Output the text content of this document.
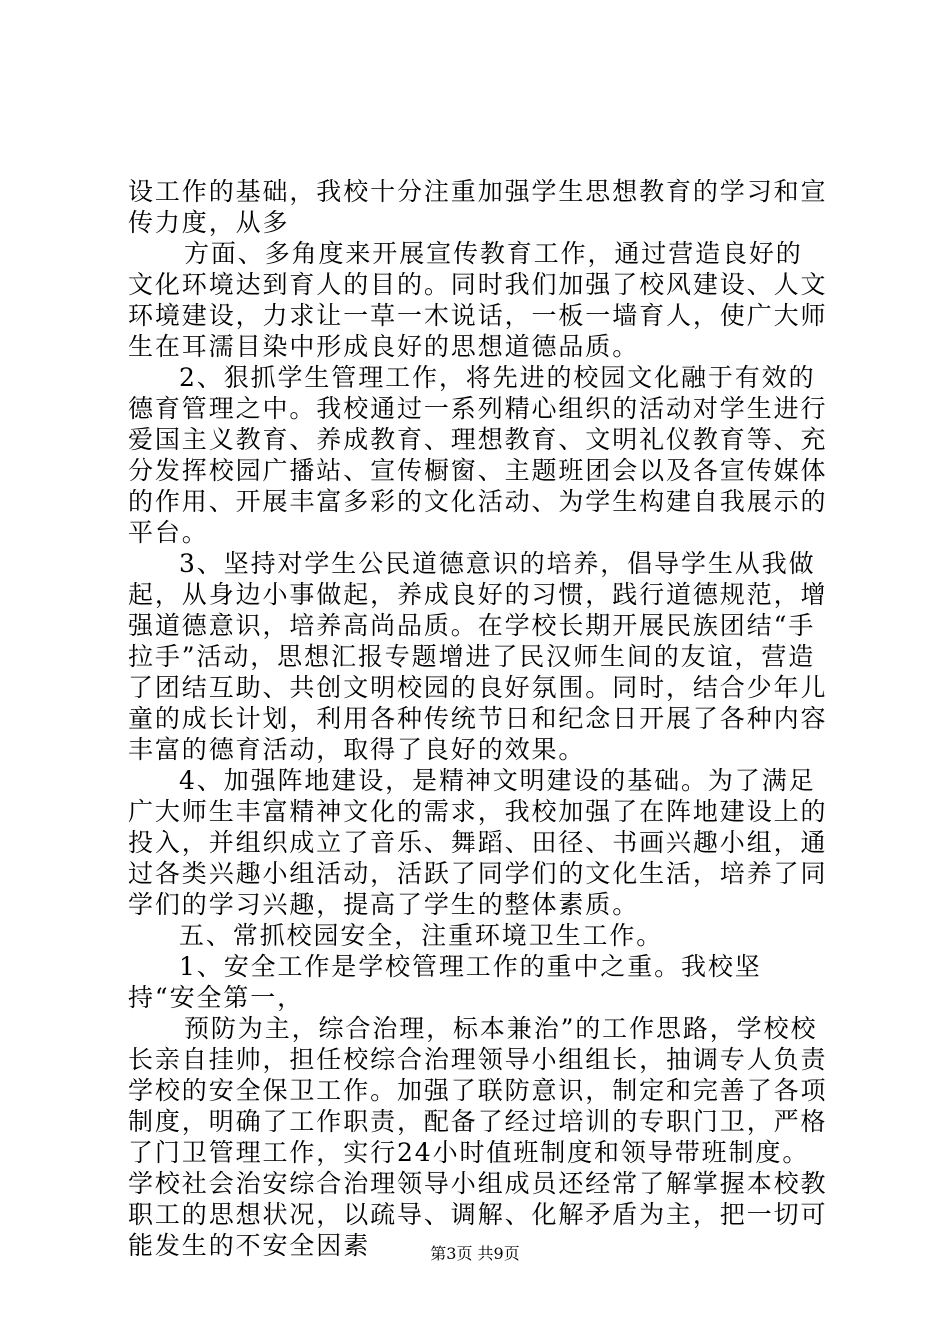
设工作的基础，我校十分注重加强学生思想教育的学习和宣传力度，从多

方面、多角度来开展宣传教育工作，通过营造良好的文化环境达到育人的目的。同时我们加强了校风建设、人文环境建设，力求让一草一木说话，一板一墙育人，使广大师生在耳濡目染中形成良好的思想道德品质。

2、狠抓学生管理工作，将先进的校园文化融于有效的德育管理之中。我校通过一系列精心组织的活动对学生进行爱国主义教育、养成教育、理想教育、文明礼仪教育等、充分发挥校园广播站、宣传橱窗、主题班团会以及各宣传媒体的作用、开展丰富多彩的文化活动、为学生构建自我展示的平台。

3、坚持对学生公民道德意识的培养，倡导学生从我做起，从身边小事做起，养成良好的习惯，践行道德规范，增强道德意识，培养高尚品质。在学校长期开展民族团结“手拉手”活动，思想汇报专题增进了民汉师生间的友谊，营造了团结互助、共创文明校园的良好氛围。同时，结合少年儿童的成长计划，利用各种传统节日和纪念日开展了各种内容丰富的德育活动，取得了良好的效果。

4、加强阵地建设，是精神文明建设的基础。为了满足广大师生丰富精神文化的需求，我校加强了在阵地建设上的投入，并组织成立了音乐、舞蹈、田径、书画兴趣小组，通过各类兴趣小组活动，活跃了同学们的文化生活，培养了同学们的学习兴趣，提高了学生的整体素质。

五、常抓校园安全，注重环境卫生工作。

1、安全工作是学校管理工作的重中之重。我校坚持“安全第一，

预防为主，综合治理，标本兼治”的工作思路，学校校长亲自挂帅，担任校综合治理领导小组组长，抽调专人负责学校的安全保卫工作。加强了联防意识，制定和完善了各项制度，明确了工作职责，配备了经过培训的专职门卫，严格了门卫管理工作，实行24小时值班制度和领导带班制度。学校社会治安综合治理领导小组成员还经常了解掌握本校教职工的思想状况，以疏导、调解、化解矛盾为主，把一切可能发生的不安全因素	第3页 共9页
